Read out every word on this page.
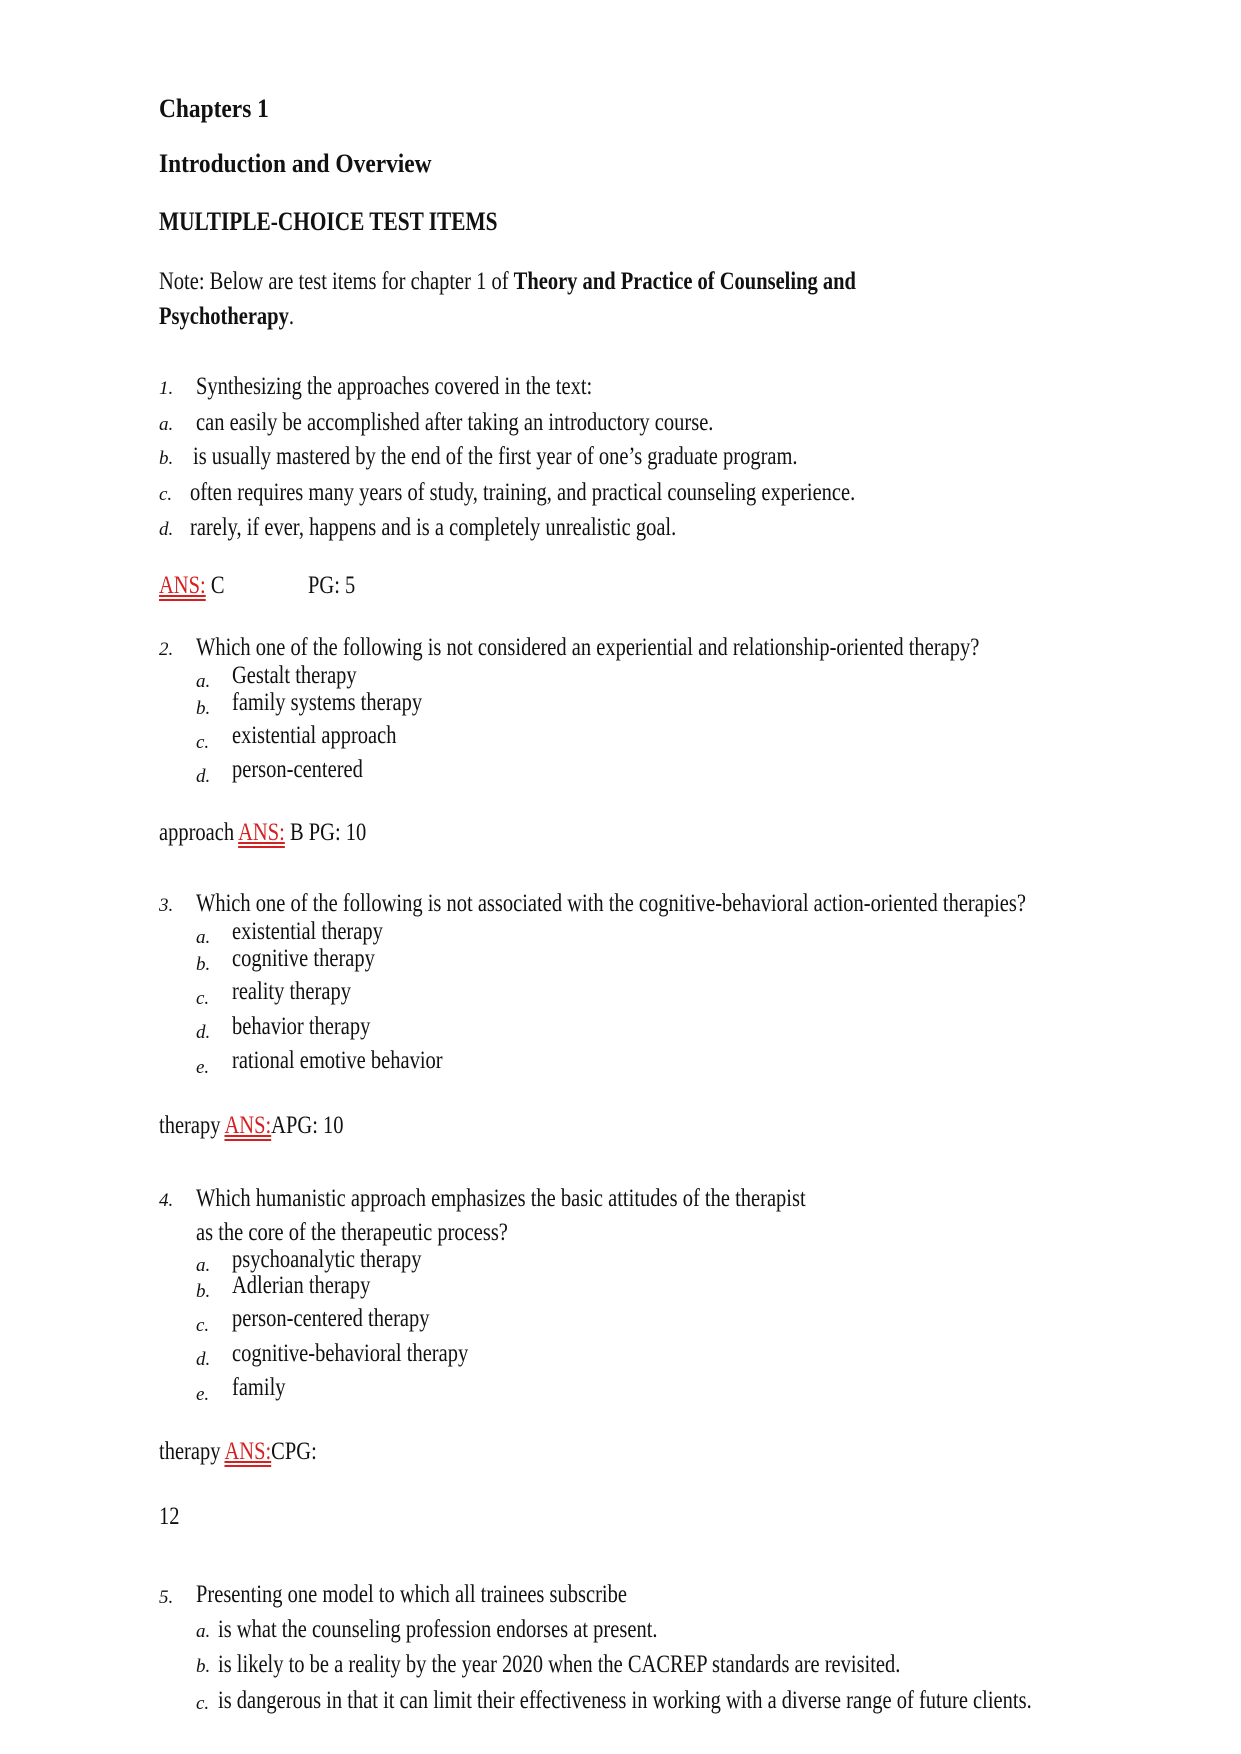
Chapters 1
Introduction and Overview
MULTIPLE-CHOICE TEST ITEMS
Note: Below are test items for chapter 1 of Theory and Practice of Counseling and
Psychotherapy.
1. Synthesizing the approaches covered in the text:
a. can easily be accomplished after taking an introductory course.
b. is usually mastered by the end of the first year of one’s graduate program.
c. often requires many years of study, training, and practical counseling experience.
d. rarely, if ever, happens and is a completely unrealistic goal.
ANS: C	PG: 5
2. Which one of the following is not considered an experiential and relationship-oriented therapy?
a. Gestalt therapy
b. family systems therapy
c. existential approach
d. person-centered
approach ANS: B PG: 10
3. Which one of the following is not associated with the cognitive-behavioral action-oriented therapies?
a. existential therapy
b. cognitive therapy
c. reality therapy
d. behavior therapy
e. rational emotive behavior
therapy ANS:APG: 10
4. Which humanistic approach emphasizes the basic attitudes of the therapist
as the core of the therapeutic process?
a. psychoanalytic therapy
b. Adlerian therapy
c. person-centered therapy
d. cognitive-behavioral therapy
e. family
therapy ANS:CPG:
12
5. Presenting one model to which all trainees subscribe
a. is what the counseling profession endorses at present.
b. is likely to be a reality by the year 2020 when the CACREP standards are revisited.
c. is dangerous in that it can limit their effectiveness in working with a diverse range of future clients.
